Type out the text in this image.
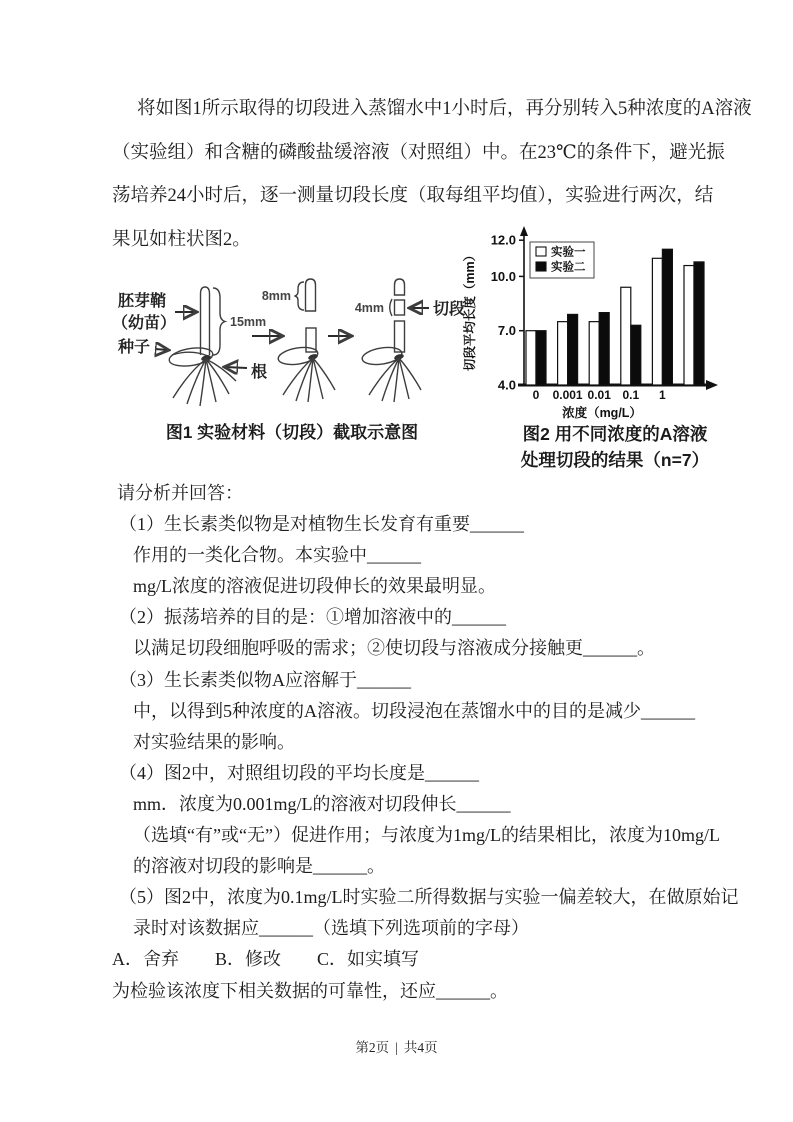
将如图1所示取得的切段进入蒸馏水中1小时后，再分别转入5种浓度的A溶液
（实验组）和含糖的磷酸盐缓溶液（对照组）中。在23℃的条件下，避光振
荡培养24小时后，逐一测量切段长度（取每组平均值），实验进行两次，结
果见如柱状图2。
15mm
胚芽鞘
（幼苗）
种子
根
8mm
4mm	切段
图1 实验材料（切段）截取示意图
4.0
7.0
10.0
12.0
0 0.001 0.01 0.1 1
浓度（mg/L）
切段平均长度（mm）	实验一
实验二
图2 用不同浓度的A溶液
处理切段的结果（n=7）
请分析并回答：
（1）生长素类似物是对植物生长发育有重要______
作用的一类化合物。本实验中______
mg/L浓度的溶液促进切段伸长的效果最明显。
（2）振荡培养的目的是：①增加溶液中的______
以满足切段细胞呼吸的需求；②使切段与溶液成分接触更______。
（3）生长素类似物A应溶解于______
中，以得到5种浓度的A溶液。切段浸泡在蒸馏水中的目的是减少______
对实验结果的影响。
（4）图2中，对照组切段的平均长度是______
mm．浓度为0.001mg/L的溶液对切段伸长______
（选填“有”或“无”）促进作用；与浓度为1mg/L的结果相比，浓度为10mg/L
的溶液对切段的影响是______。
（5）图2中，浓度为0.1mg/L时实验二所得数据与实验一偏差较大，在做原始记
录时对该数据应______（选填下列选项前的字母）
A．舍弃　　B．修改　　C．如实填写
为检验该浓度下相关数据的可靠性，还应______。
第2页 | 共4页
